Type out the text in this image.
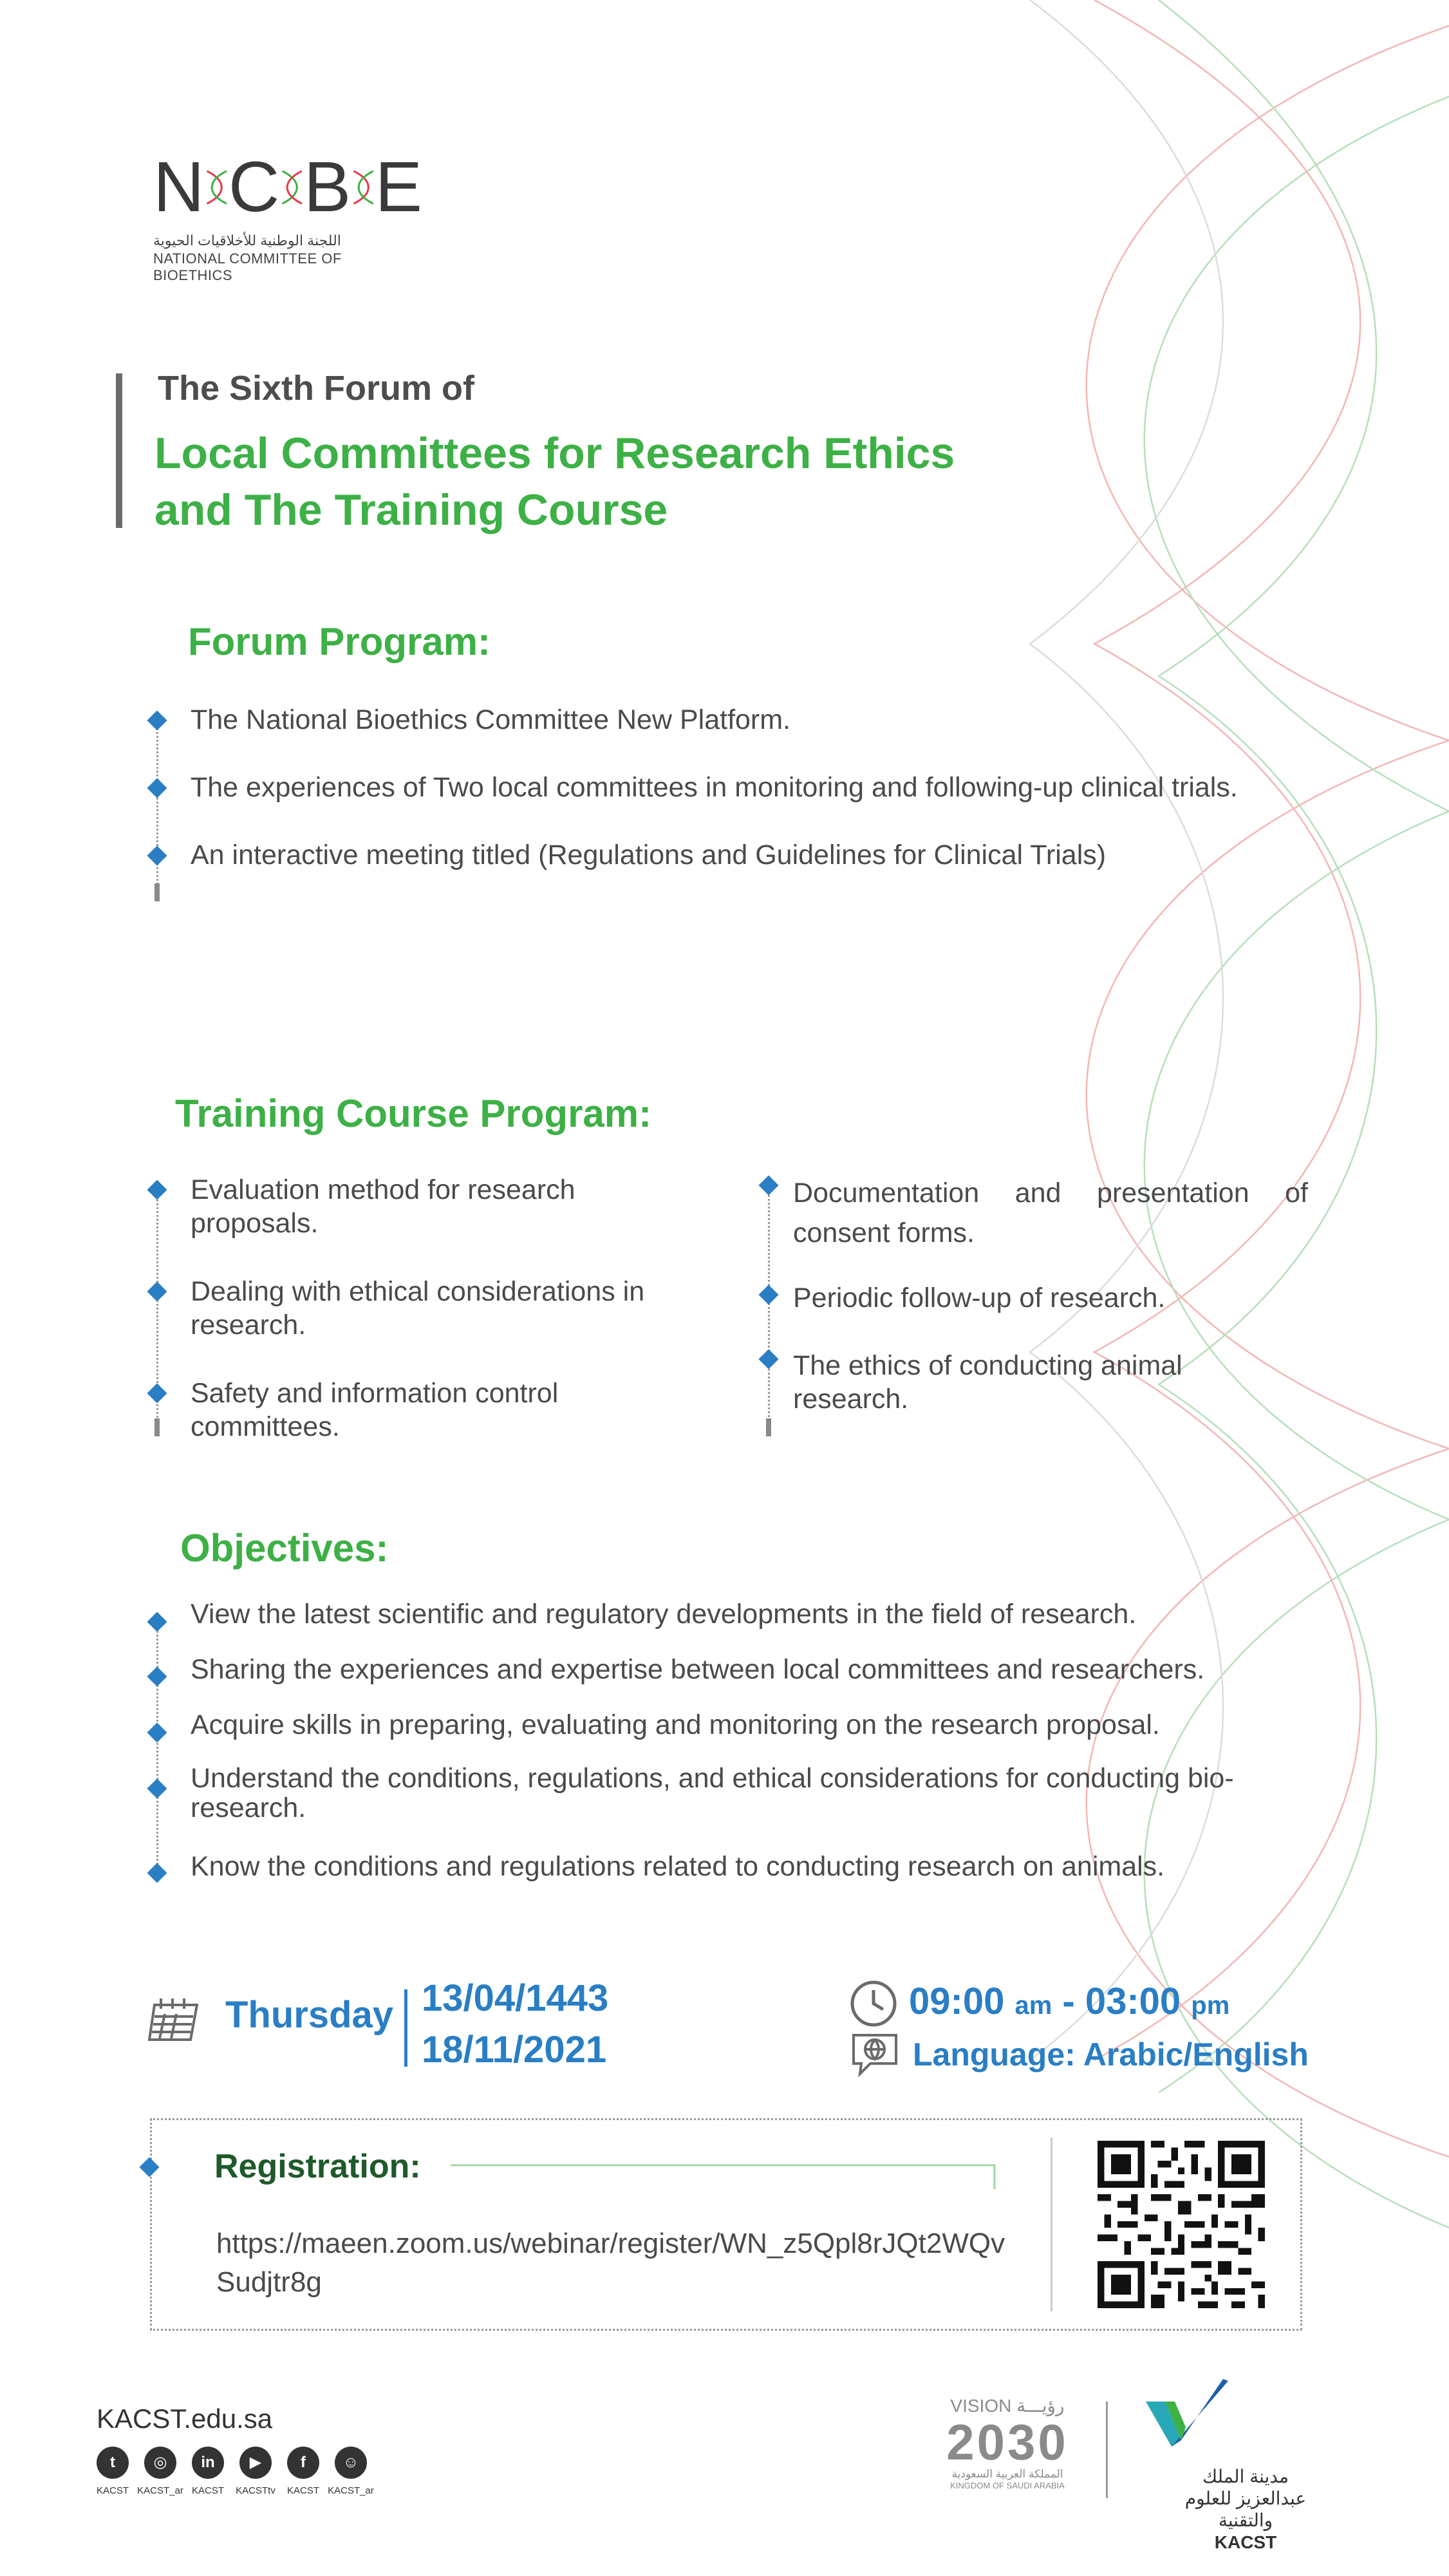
N C B E
اللجنة الوطنية للأخلاقيات الحيوية
NATIONAL COMMITTEE OF BIOETHICS
The Sixth Forum of
Local Committees for Research Ethics
and The Training Course
Forum Program:
The National Bioethics Committee New Platform.
The experiences of Two local committees in monitoring and following-up clinical trials.
An interactive meeting titled (Regulations and Guidelines for Clinical Trials)
Training Course Program:
Evaluation method for research proposals.
Dealing with ethical considerations in research.
Safety and information control committees.
Documentation and presentation of consent forms.
Periodic follow-up of research.
The ethics of conducting animal research.
Objectives:
View the latest scientific and regulatory developments in the field of research.
Sharing the experiences and expertise between local committees and researchers.
Acquire skills in preparing, evaluating and monitoring on the research proposal.
Understand the conditions, regulations, and ethical considerations for conducting bio-research.
Know the conditions and regulations related to conducting research on animals.
Thursday 13/04/1443
18/11/2021
09:00 am - 03:00 pm
Language: Arabic/English
Registration:
https://maeen.zoom.us/webinar/register/WN_z5Qpl8rJQt2WQvSudjtr8g
KACST.edu.sa
t
KACST
◎
KACST_ar
in
KACST
▶
KACSTtv
f
KACST
☺
KACST_ar
VISION رؤيـــة
2030
المملكة العربية السعودية
KINGDOM OF SAUDI ARABIA	مدينة الملك عبدالعزيز للعلوم والتقنية
KACST
